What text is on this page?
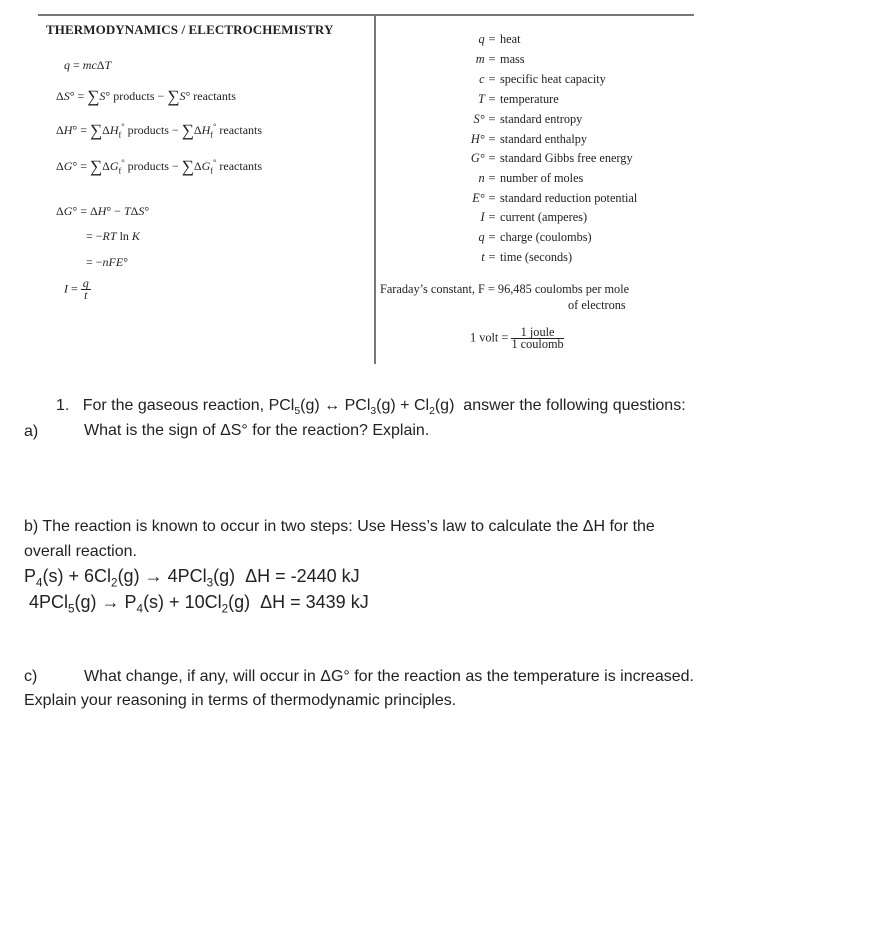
THERMODYNAMICS / ELECTROCHEMISTRY
q = mcΔT
ΔS° = ∑S° products − ∑S° reactants
$\Delta H^\circ = \sum\Delta H_f^\circ$ products − $\sum\Delta H_f^\circ$ reactants
$\Delta G^\circ = \sum\Delta G_f^\circ$ products − $\sum\Delta G_f^\circ$ reactants
ΔG° = ΔH° − TΔS°
= −RT ln K
= −nFE°
$I = \frac{q}{t}$
q = heat
m = mass
c = specific heat capacity
T = temperature
S° = standard entropy
H° = standard enthalpy
G° = standard Gibbs free energy
n = number of moles
E° = standard reduction potential
I = current (amperes)
q = charge (coulombs)
t = time (seconds)
Faraday’s constant, F = 96,485 coulombs per mole
of electrons
1 volt = $\frac{\text{1 joule}}{\text{1 coulomb}}$
1. For the gaseous reaction, PCl$_5$(g) ↔ $PCl_3(g) + Cl_2(g)$  answer the following questions:
a)	What is the sign of ΔS° for the reaction? Explain.
b) The reaction is known to occur in two steps: Use Hess’s law to calculate the ΔH for the
overall reaction.
$P_4(s) + 6Cl_2(g) \to 4PCl_3(g) \Delta H = -2440$ kJ
$4PCl_5(g) \to P_4(s) + 10Cl_2(g) \Delta H = 3439$ kJ
c)	What change, if any, will occur in ΔG° for the reaction as the temperature is increased.
Explain your reasoning in terms of thermodynamic principles.
